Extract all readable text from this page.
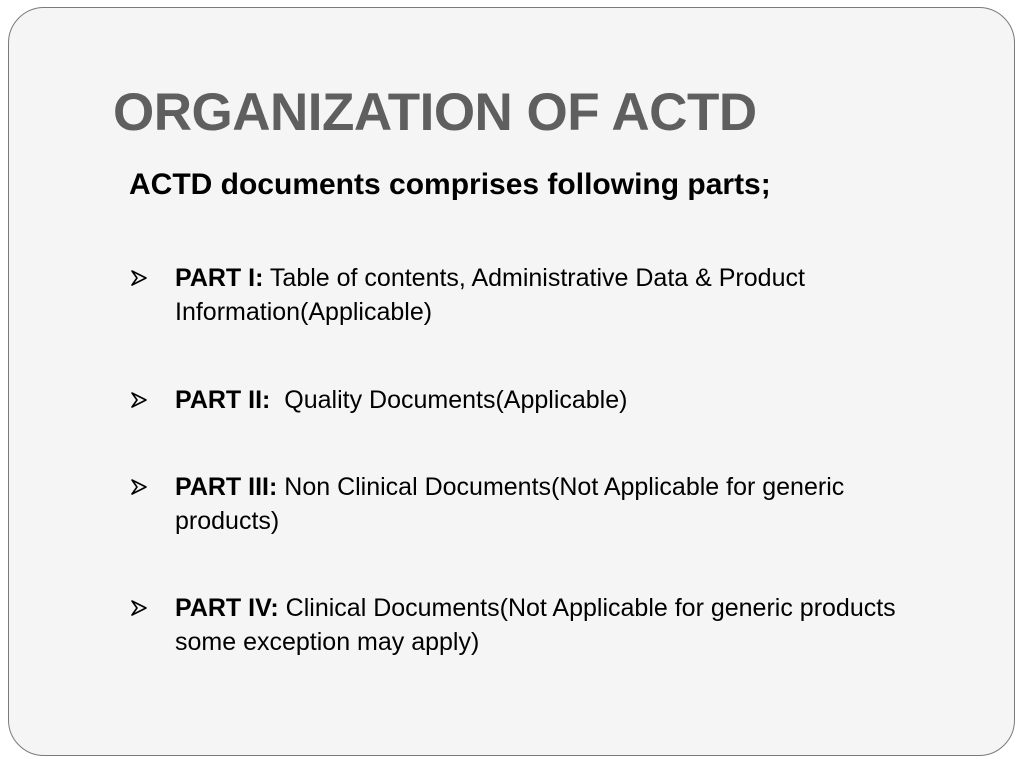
ORGANIZATION OF ACTD

ACTD documents comprises following parts;

PART I: Table of contents, Administrative Data & Product Information(Applicable)
PART II:  Quality Documents(Applicable)
PART III: Non Clinical Documents(Not Applicable for generic products)
PART IV: Clinical Documents(Not Applicable for generic products some exception may apply)
